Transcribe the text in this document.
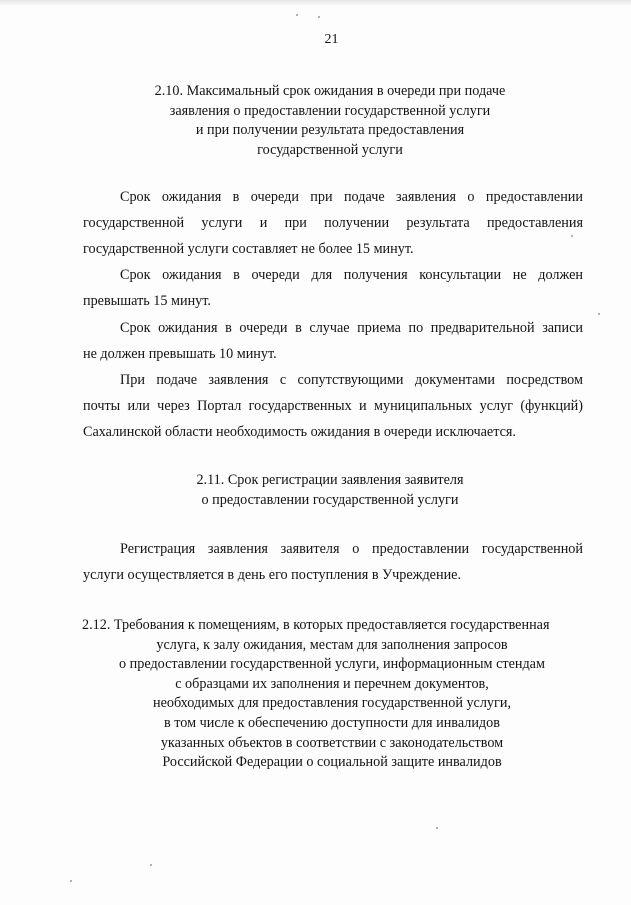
21
2.10. Максимальный срок ожидания в очереди при подаче
заявления о предоставлении государственной услуги
и при получении результата предоставления
государственной услуги
Срок ожидания в очереди при подаче заявления о предоставлении
государственной услуги и при получении результата предоставления
государственной услуги составляет не более 15 минут.
Срок ожидания в очереди для получения консультации не должен
превышать 15 минут.
Срок ожидания в очереди в случае приема по предварительной записи
не должен превышать 10 минут.
При подаче заявления с сопутствующими документами посредством
почты или через Портал государственных и муниципальных услуг (функций)
Сахалинской области необходимость ожидания в очереди исключается.
2.11. Срок регистрации заявления заявителя
о предоставлении государственной услуги
Регистрация заявления заявителя о предоставлении государственной
услуги осуществляется в день его поступления в Учреждение.
2.12. Требования к помещениям, в которых предоставляется государственная
услуга, к залу ожидания, местам для заполнения запросов
о предоставлении государственной услуги, информационным стендам
с образцами их заполнения и перечнем документов,
необходимых для предоставления государственной услуги,
в том числе к обеспечению доступности для инвалидов
указанных объектов в соответствии с законодательством
Российской Федерации о социальной защите инвалидов
